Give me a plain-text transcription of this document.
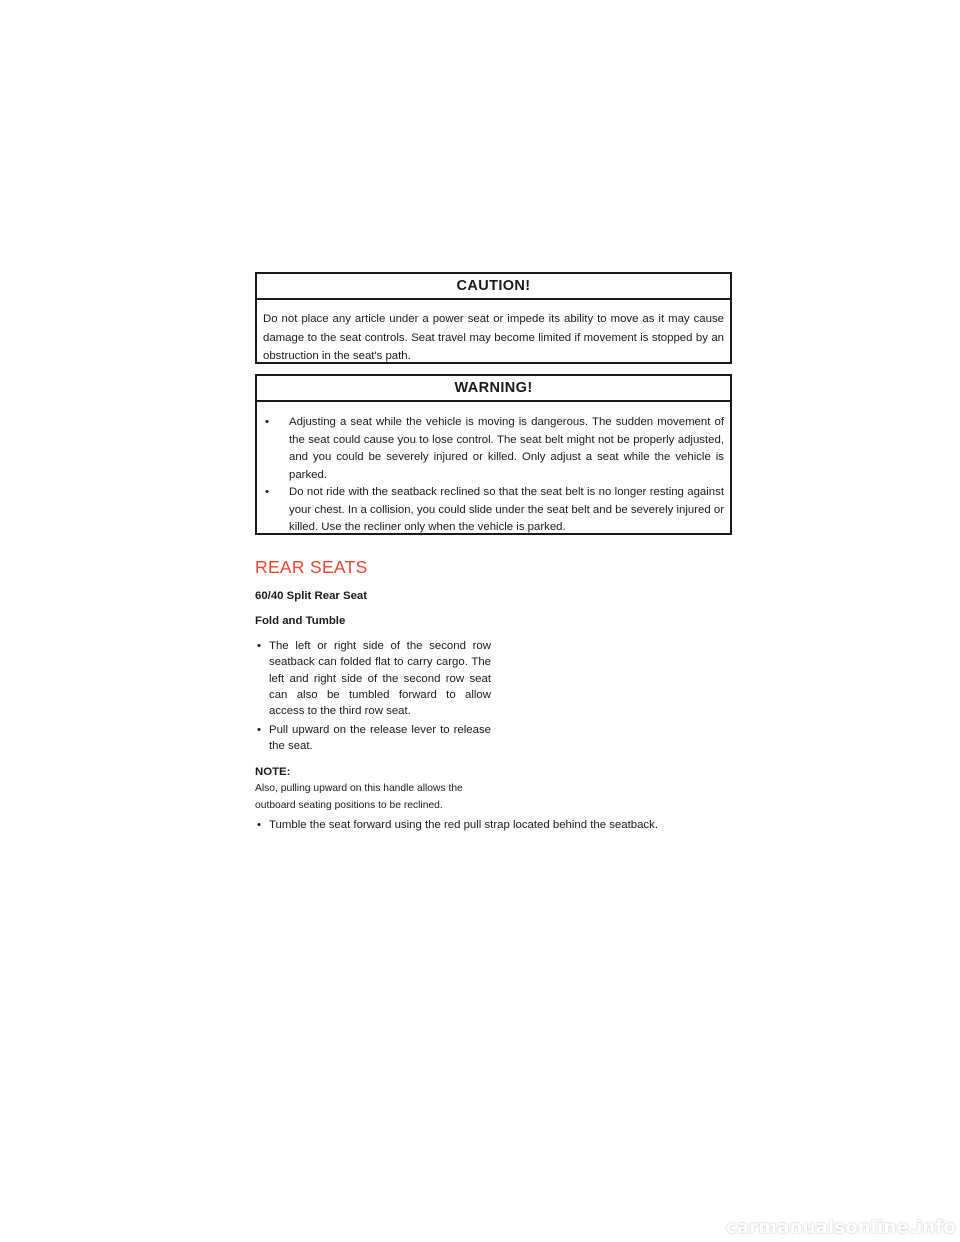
CAUTION!
Do not place any article under a power seat or impede its ability to move as it may cause damage to the seat controls. Seat travel may become limited if movement is stopped by an obstruction in the seat's path.
WARNING!
• Adjusting a seat while the vehicle is moving is dangerous. The sudden movement of the seat could cause you to lose control. The seat belt might not be properly adjusted, and you could be severely injured or killed. Only adjust a seat while the vehicle is parked.
• Do not ride with the seatback reclined so that the seat belt is no longer resting against your chest. In a collision, you could slide under the seat belt and be severely injured or killed. Use the recliner only when the vehicle is parked.
REAR SEATS
60/40 Split Rear Seat
Fold and Tumble
• The left or right side of the second row seatback can folded flat to carry cargo. The left and right side of the second row seat can also be tumbled forward to allow access to the third row seat.
• Pull upward on the release lever to release the seat.
NOTE:
Also, pulling upward on this handle allows the outboard seating positions to be reclined.
• Tumble the seat forward using the red pull strap located behind the seatback.
carmanualsonline.info
